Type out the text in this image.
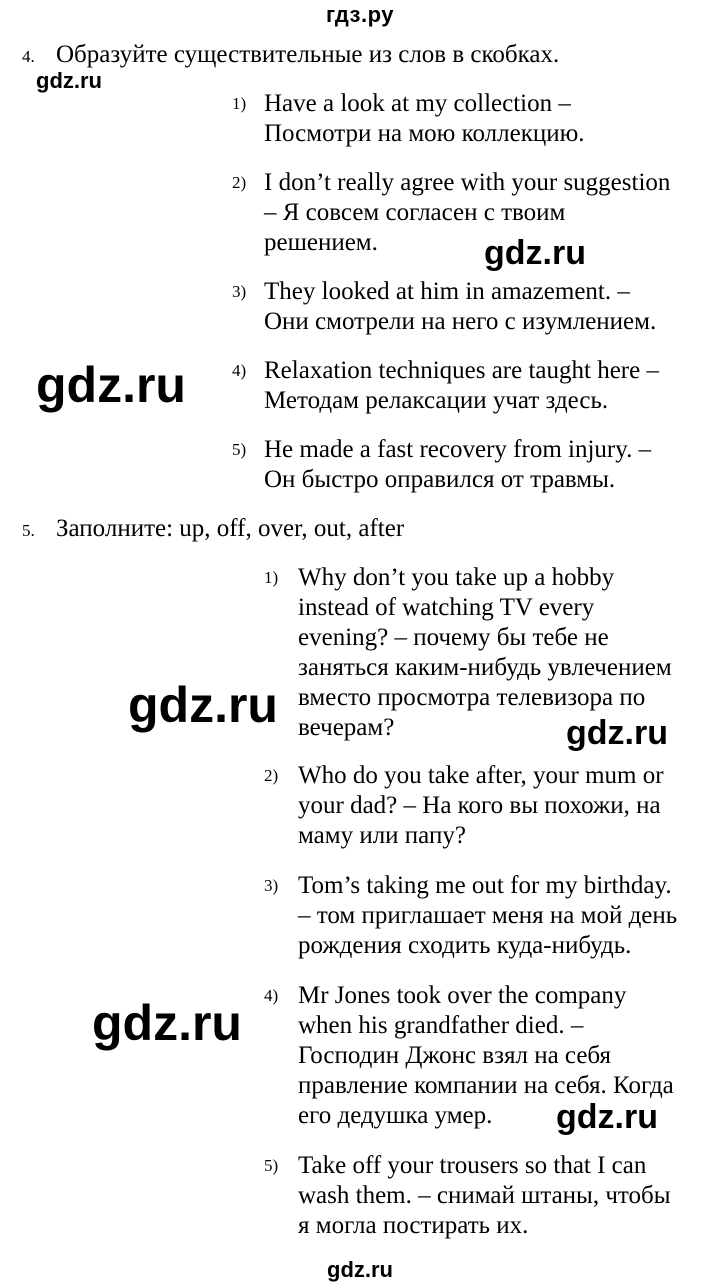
гдз.ру
4. Образуйте существительные из слов в скобках.
1) Have a look at my collection –
Посмотри на мою коллекцию.
2) I don’t really agree with your suggestion
– Я совсем согласен с твоим
решением.
3) They looked at him in amazement. –
Они смотрели на него с изумлением.
4) Relaxation techniques are taught here –
Методам релаксации учат здесь.
5) He made a fast recovery from injury. –
Он быстро оправился от травмы.
5. Заполните: up, off, over, out, after
1) Why don’t you take up a hobby
instead of watching TV every
evening? – почему бы тебе не
заняться каким-нибудь увлечением
вместо просмотра телевизора по
вечерам?
2) Who do you take after, your mum or
your dad? – На кого вы похожи, на
маму или папу?
3) Tom’s taking me out for my birthday.
– том приглашает меня на мой день
рождения сходить куда-нибудь.
4) Mr Jones took over the company
when his grandfather died. –
Господин Джонс взял на себя
правление компании на себя. Когда
его дедушка умер.
5) Take off your trousers so that I can
wash them. – снимай штаны, чтобы
я могла постирать их.
gdz.ru
gdz.ru
gdz.ru
gdz.ru	gdz.ru
gdz.ru
gdz.ru
gdz.ru
